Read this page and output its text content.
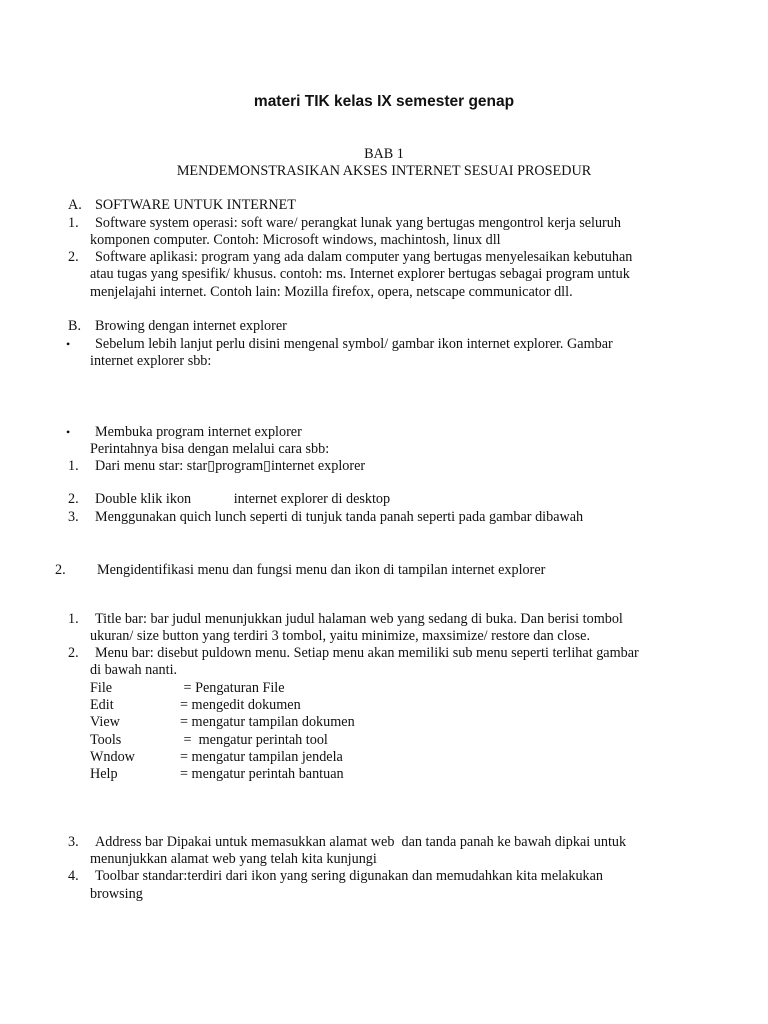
materi TIK kelas IX semester genap
BAB 1
MENDEMONSTRASIKAN AKSES INTERNET SESUAI PROSEDUR
A. SOFTWARE UNTUK INTERNET
1. Software system operasi: soft ware/ perangkat lunak yang bertugas mengontrol kerja seluruh
komponen computer. Contoh: Microsoft windows, machintosh, linux dll
2. Software aplikasi: program yang ada dalam computer yang bertugas menyelesaikan kebutuhan
atau tugas yang spesifik/ khusus. contoh: ms. Internet explorer bertugas sebagai program untuk
menjelajahi internet. Contoh lain: Mozilla firefox, opera, netscape communicator dll.
B. Browing dengan internet explorer
• Sebelum lebih lanjut perlu disini mengenal symbol/ gambar ikon internet explorer. Gambar
internet explorer sbb:
• Membuka program internet explorer
Perintahnya bisa dengan melalui cara sbb:
1. Dari menu star: star▯program▯internet explorer
2. Double klik ikon            internet explorer di desktop
3. Menggunakan quich lunch seperti di tunjuk tanda panah seperti pada gambar dibawah
2. Mengidentifikasi menu dan fungsi menu dan ikon di tampilan internet explorer
1. Title bar: bar judul menunjukkan judul halaman web yang sedang di buka. Dan berisi tombol
ukuran/ size button yang terdiri 3 tombol, yaitu minimize, maxsimize/ restore dan close.
2. Menu bar: disebut puldown menu. Setiap menu akan memiliki sub menu seperti terlihat gambar
di bawah nanti.
File	= Pengaturan File
Edit	= mengedit dokumen
View	= mengatur tampilan dokumen
Tools	=  mengatur perintah tool
Wndow	= mengatur tampilan jendela
Help	= mengatur perintah bantuan
3. Address bar Dipakai untuk memasukkan alamat web  dan tanda panah ke bawah dipkai untuk
menunjukkan alamat web yang telah kita kunjungi
4. Toolbar standar:terdiri dari ikon yang sering digunakan dan memudahkan kita melakukan
browsing
